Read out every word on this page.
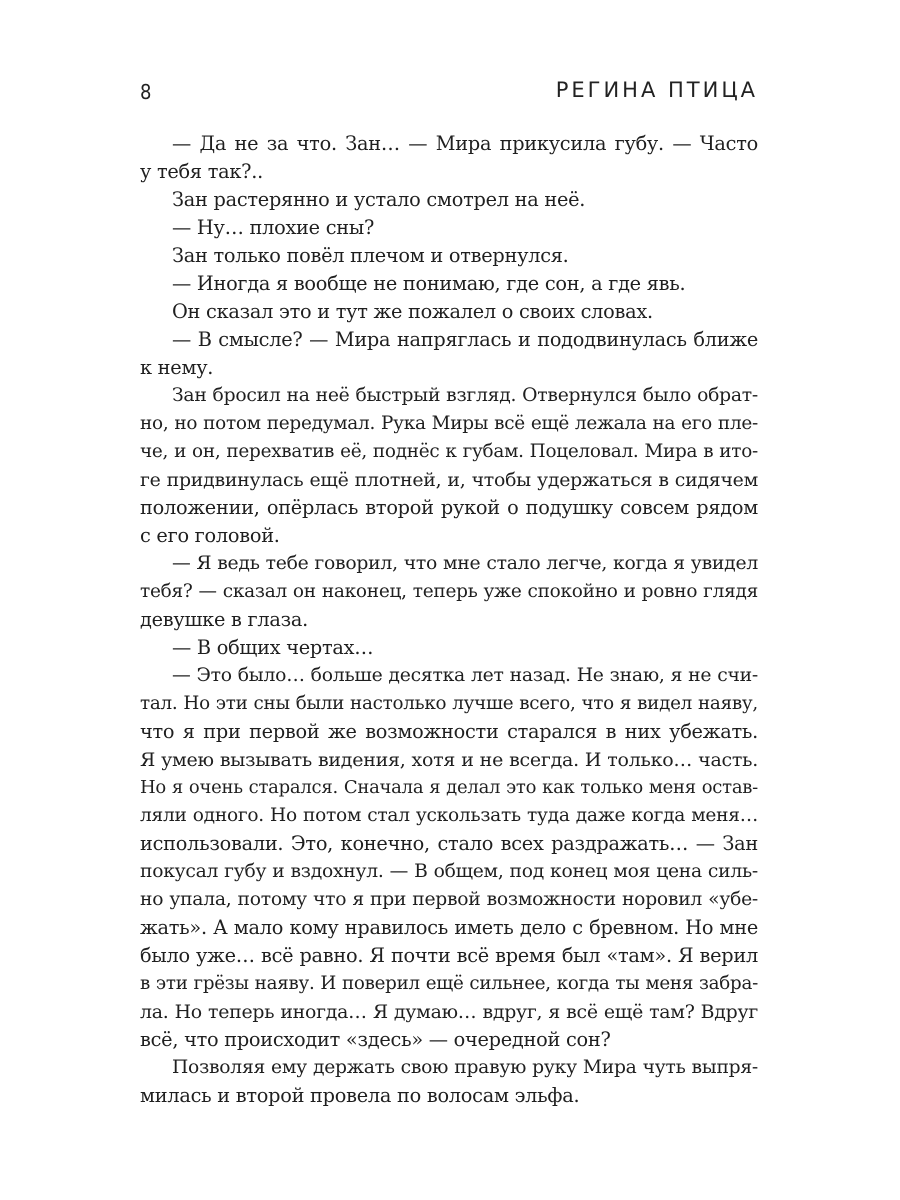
8	РЕГИНА ПТИЦА
— Да не за что. Зан… — Мира прикусила губу. — Часто
у тебя так?..
Зан растерянно и устало смотрел на неё.
— Ну… плохие сны?
Зан только повёл плечом и отвернулся.
— Иногда я вообще не понимаю, где сон, а где явь.
Он сказал это и тут же пожалел о своих словах.
— В смысле? — Мира напряглась и пододвинулась ближе
к нему.
Зан бросил на неё быстрый взгляд. Отвернулся было обрат-
но, но потом передумал. Рука Миры всё ещё лежала на его пле-
че, и он, перехватив её, поднёс к губам. Поцеловал. Мира в ито-
ге придвинулась ещё плотней, и, чтобы удержаться в сидячем
положении, опёрлась второй рукой о подушку совсем рядом
с его головой.
— Я ведь тебе говорил, что мне стало легче, когда я увидел
тебя? — сказал он наконец, теперь уже спокойно и ровно глядя
девушке в глаза.
— В общих чертах…
— Это было… больше десятка лет назад. Не знаю, я не счи-
тал. Но эти сны были настолько лучше всего, что я видел наяву,
что я при первой же возможности старался в них убежать.
Я умею вызывать видения, хотя и не всегда. И только… часть.
Но я очень старался. Сначала я делал это как только меня остав-
ляли одного. Но потом стал ускользать туда даже когда меня…
использовали. Это, конечно, стало всех раздражать… — Зан
покусал губу и вздохнул. — В общем, под конец моя цена силь-
но упала, потому что я при первой возможности норовил «убе-
жать». А мало кому нравилось иметь дело с бревном. Но мне
было уже… всё равно. Я почти всё время был «там». Я верил
в эти грёзы наяву. И поверил ещё сильнее, когда ты меня забра-
ла. Но теперь иногда… Я думаю… вдруг, я всё ещё там? Вдруг
всё, что происходит «здесь» — очередной сон?
Позволяя ему держать свою правую руку Мира чуть выпря-
милась и второй провела по волосам эльфа.
